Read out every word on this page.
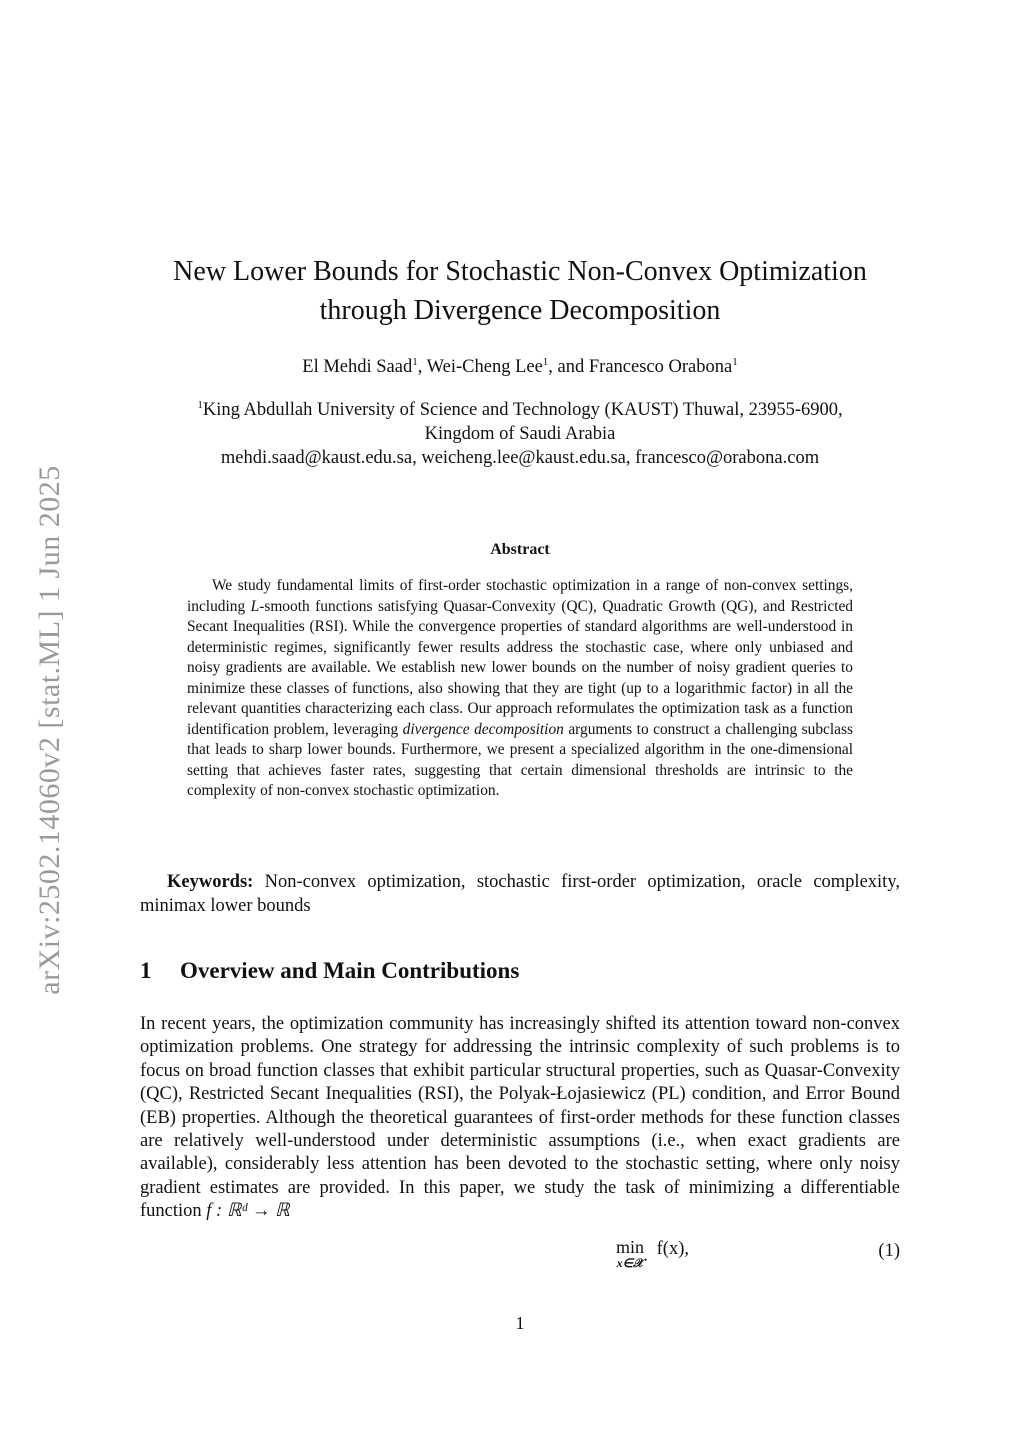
arXiv:2502.14060v2 [stat.ML] 1 Jun 2025
New Lower Bounds for Stochastic Non-Convex Optimization
through Divergence Decomposition
El Mehdi Saad$^1$, Wei-Cheng Lee$^1$, and Francesco Orabona$^1$
$^1$King Abdullah University of Science and Technology (KAUST) Thuwal, 23955-6900,
Kingdom of Saudi Arabia
mehdi.saad@kaust.edu.sa, weicheng.lee@kaust.edu.sa, francesco@orabona.com
Abstract
We study fundamental limits of first-order stochastic optimization in a range of non-convex settings, including L-smooth functions satisfying Quasar-Convexity (QC), Quadratic Growth (QG), and Restricted Secant Inequalities (RSI). While the convergence properties of standard algorithms are well-understood in deterministic regimes, significantly fewer results address the stochastic case, where only unbiased and noisy gradients are available. We establish new lower bounds on the number of noisy gradient queries to minimize these classes of functions, also showing that they are tight (up to a logarithmic factor) in all the relevant quantities characterizing each class. Our approach reformulates the optimization task as a function identification problem, leveraging divergence decomposition arguments to construct a challenging subclass that leads to sharp lower bounds. Furthermore, we present a specialized algorithm in the one-dimensional setting that achieves faster rates, suggesting that certain dimensional thresholds are intrinsic to the complexity of non-convex stochastic optimization.
Keywords: Non-convex optimization, stochastic first-order optimization, oracle complexity, minimax lower bounds
1 Overview and Main Contributions
In recent years, the optimization community has increasingly shifted its attention toward non-convex optimization problems. One strategy for addressing the intrinsic complexity of such problems is to focus on broad function classes that exhibit particular structural properties, such as Quasar-Convexity (QC), Restricted Secant Inequalities (RSI), the Polyak-Łojasiewicz (PL) condition, and Error Bound (EB) properties. Although the theoretical guarantees of first-order methods for these function classes are relatively well-understood under deterministic assumptions (i.e., when exact gradients are available), considerably less attention has been devoted to the stochastic setting, where only noisy gradient estimates are provided. In this paper, we study the task of minimizing a differentiable function f : ℝᵈ → ℝ
min
x∈𝒳
f(x),	(1)
1
